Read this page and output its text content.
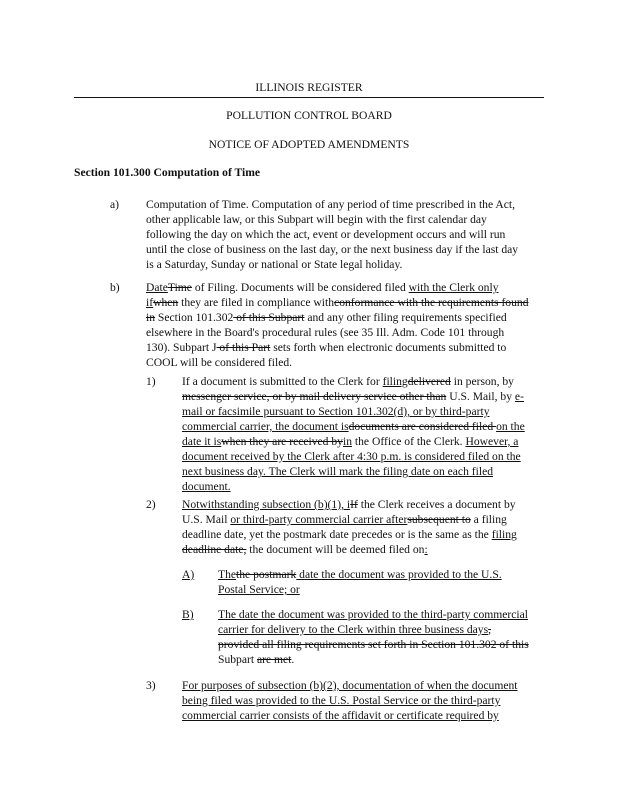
ILLINOIS REGISTER
POLLUTION CONTROL BOARD
NOTICE OF ADOPTED AMENDMENTS
Section 101.300 Computation of Time
a) Computation of Time. Computation of any period of time prescribed in the Act,
other applicable law, or this Subpart will begin with the first calendar day
following the day on which the act, event or development occurs and will run
until the close of business on the last day, or the next business day if the last day
is a Saturday, Sunday or national or State legal holiday.
b) DateTime of Filing. Documents will be considered filed with the Clerk only
ifwhen they are filed in compliance withconformance with the requirements found
in Section 101.302 of this Subpart and any other filing requirements specified
elsewhere in the Board's procedural rules (see 35 Ill. Adm. Code 101 through
130). Subpart J of this Part sets forth when electronic documents submitted to
COOL will be considered filed.
1) If a document is submitted to the Clerk for filingdelivered in person, by
messenger service, or by mail delivery service other than U.S. Mail, by e-
mail or facsimile pursuant to Section 101.302(d), or by third-party
commercial carrier, the document isdocuments are considered filed on the
date it iswhen they are received byin the Office of the Clerk. However, a
document received by the Clerk after 4:30 p.m. is considered filed on the
next business day. The Clerk will mark the filing date on each filed
document.
2) Notwithstanding subsection (b)(1), iIf the Clerk receives a document by
U.S. Mail or third-party commercial carrier aftersubsequent to a filing
deadline date, yet the postmark date precedes or is the same as the filing
deadline date, the document will be deemed filed on:
A) Thethe postmark date the document was provided to the U.S.
Postal Service; or
B) The date the document was provided to the third-party commercial
carrier for delivery to the Clerk within three business days,
provided all filing requirements set forth in Section 101.302 of this
Subpart are met.
3) For purposes of subsection (b)(2), documentation of when the document
being filed was provided to the U.S. Postal Service or the third-party
commercial carrier consists of the affidavit or certificate required by
